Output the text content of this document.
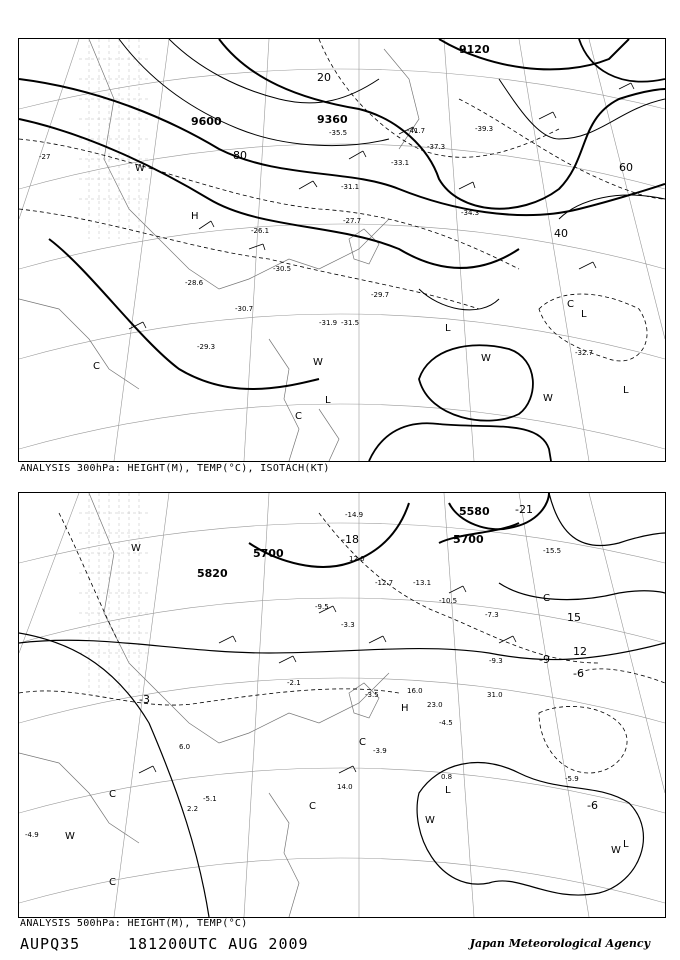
9600	9360
9120
20
40
60
80
H
L
L
L
L
C
C
C
W
W	W
W
-27
-29.3
-30.5
-31.1
-31.5
-31.9
-33.1
-34.3
-35.5
-37.3
-39.3
-41.7
-26.1
-27.7
-28.6
-29.7
-30.7
-32.7
ANALYSIS 300hPa: HEIGHT(M), TEMP(°C), ISOTACH(KT)
5820
5700
5700
5580
-18
-21
15
12
-9
-6
-3
-6
H
L
L
C
C
C
C
C
W
W
W
W
-14.9
-12.7	-13.1
-10.5
-9.5
-7.3
-4.5
-3.9
-2.1
-3.5
-5.9
-5.1
-4.9
-3.3
-9.3
-15.5
12.0
16.0
23.0
31.0
14.0
6.0
2.2
0.8
ANALYSIS 500hPa: HEIGHT(M), TEMP(°C)
AUPQ35	181200UTC AUG 2009	Japan Meteorological Agency
